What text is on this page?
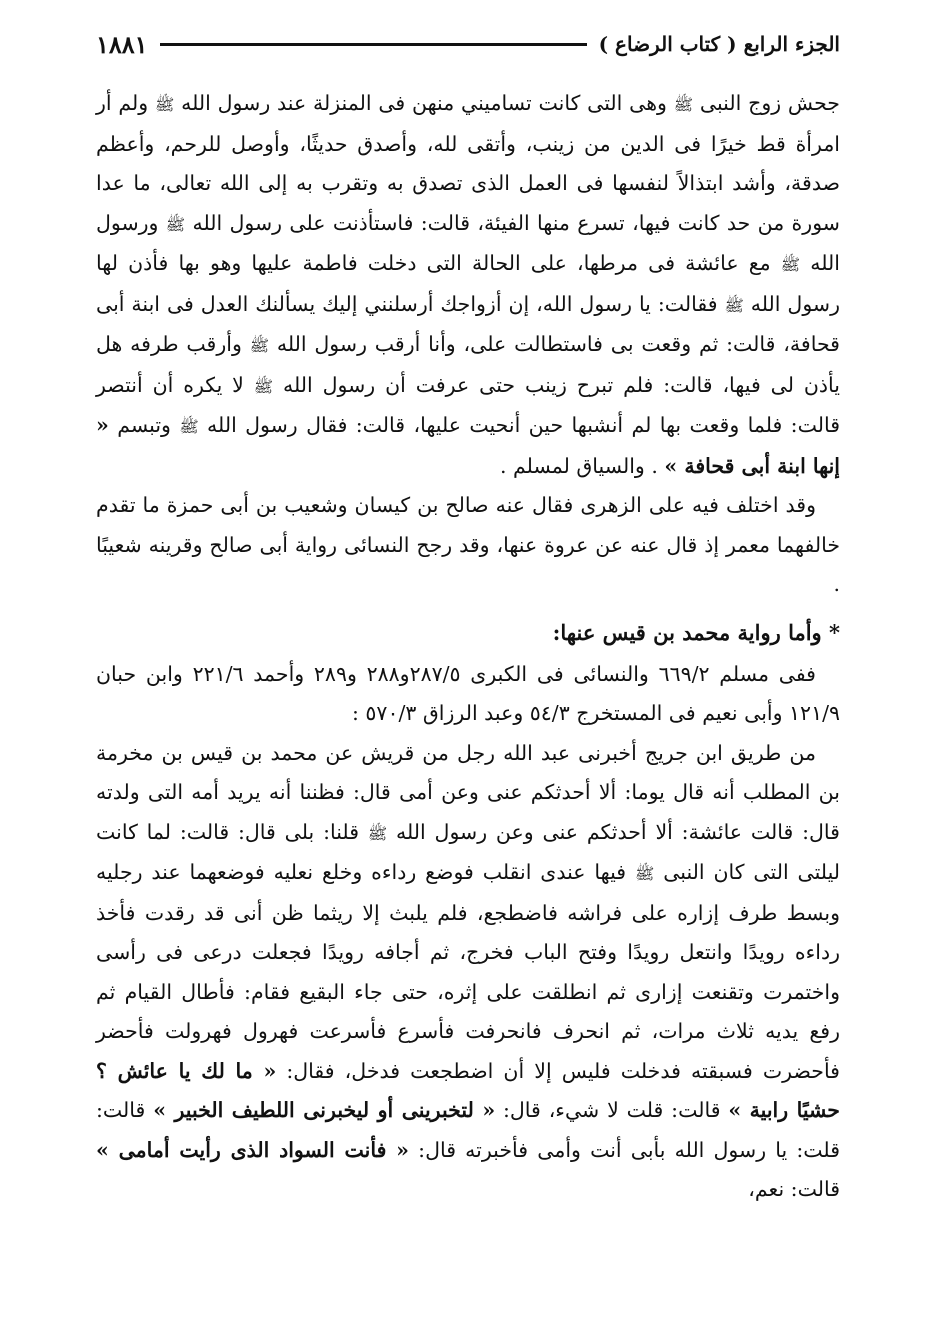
الجزء الرابع ( كتاب الرضاع )
١٨٨١

جحش زوج النبى ﷺ وهى التى كانت تساميني منهن فى المنزلة عند رسول الله ﷺ ولم أر امرأة قط خيرًا فى الدين من زينب، وأتقى لله، وأصدق حديثًا، وأوصل للرحم، وأعظم صدقة، وأشد ابتذالاً لنفسها فى العمل الذى تصدق به وتقرب به إلى الله تعالى، ما عدا سورة من حد كانت فيها، تسرع منها الفيئة، قالت: فاستأذنت على رسول الله ﷺ ورسول الله ﷺ مع عائشة فى مرطها، على الحالة التى دخلت فاطمة عليها وهو بها فأذن لها رسول الله ﷺ فقالت: يا رسول الله، إن أزواجك أرسلنني إليك يسألنك العدل فى ابنة أبى قحافة، قالت: ثم وقعت بى فاستطالت على، وأنا أرقب رسول الله ﷺ وأرقب طرفه هل يأذن لى فيها، قالت: فلم تبرح زينب حتى عرفت أن رسول الله ﷺ لا يكره أن أنتصر قالت: فلما وقعت بها لم أنشبها حين أنحيت عليها، قالت: فقال رسول الله ﷺ وتبسم « إنها ابنة أبى قحافة » . والسياق لمسلم .

وقد اختلف فيه على الزهرى فقال عنه صالح بن كيسان وشعيب بن أبى حمزة ما تقدم خالفهما معمر إذ قال عنه عن عروة عنها، وقد رجح النسائى رواية أبى صالح وقرينه شعيبًا .

* وأما رواية محمد بن قيس عنها:

ففى مسلم ٦٦٩/٢ والنسائى فى الكبرى ٢٨٧/٥و٢٨٨ و٢٨٩ وأحمد ٢٢١/٦ وابن حبان ١٢١/٩ وأبى نعيم فى المستخرج ٥٤/٣ وعبد الرزاق ٥٧٠/٣ :

من طريق ابن جريج أخبرنى عبد الله رجل من قريش عن محمد بن قيس بن مخرمة بن المطلب أنه قال يوما: ألا أحدثكم عنى وعن أمى قال: فظننا أنه يريد أمه التى ولدته قال: قالت عائشة: ألا أحدثكم عنى وعن رسول الله ﷺ قلنا: بلى قال: قالت: لما كانت ليلتى التى كان النبى ﷺ فيها عندى انقلب فوضع رداءه وخلع نعليه فوضعهما عند رجليه وبسط طرف إزاره على فراشه فاضطجع، فلم يلبث إلا ريثما ظن أنى قد رقدت فأخذ رداءه رويدًا وانتعل رويدًا وفتح الباب فخرج، ثم أجافه رويدًا فجعلت درعى فى رأسى واختمرت وتقنعت إزارى ثم انطلقت على إثره، حتى جاء البقيع فقام: فأطال القيام ثم رفع يديه ثلاث مرات، ثم انحرف فانحرفت فأسرع فأسرعت فهرول فهرولت فأحضر فأحضرت فسبقته فدخلت فليس إلا أن اضطجعت فدخل، فقال: « ما لك يا عائش ؟ حشيًا رابية » قالت: قلت لا شيء، قال: « لتخبرينى أو ليخبرنى اللطيف الخبير » قالت: قلت: يا رسول الله بأبى أنت وأمى فأخبرته قال: « فأنت السواد الذى رأيت أمامى » قالت: نعم،
